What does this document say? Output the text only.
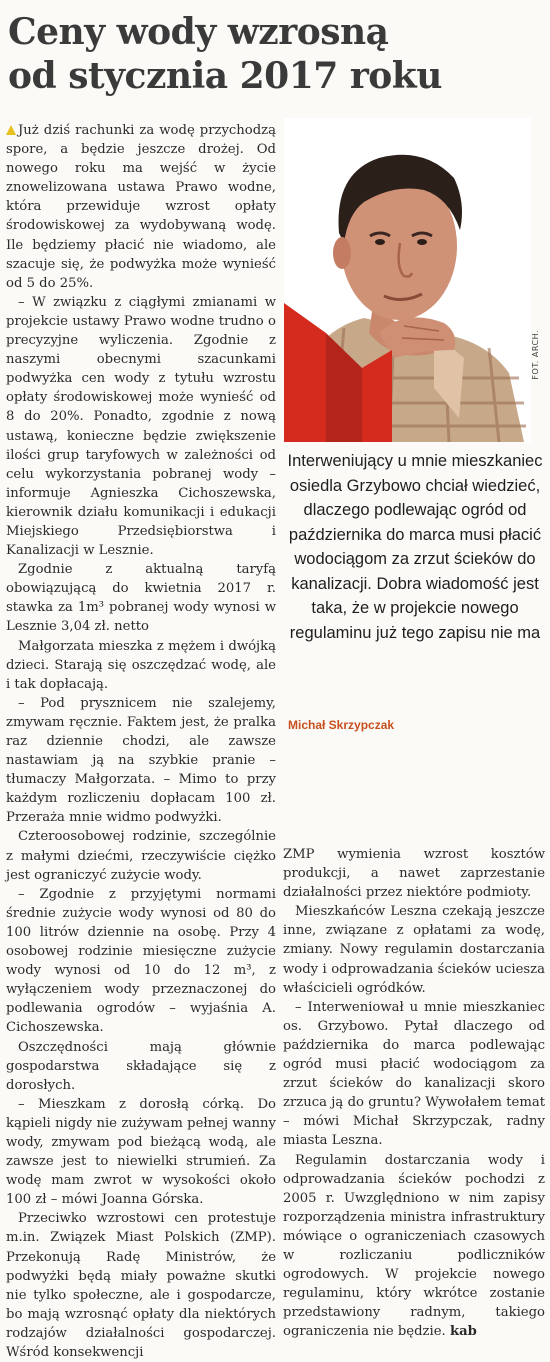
Ceny wody wzrosną
od stycznia 2017 roku

Już dziś rachunki za wodę przychodzą spore, a będzie jeszcze drożej. Od nowego roku ma wejść w życie znowelizowana ustawa Prawo wodne, która przewiduje wzrost opłaty środowiskowej za wydobywaną wodę. Ile będziemy płacić nie wiadomo, ale szacuje się, że podwyżka może wynieść od 5 do 25%.

– W związku z ciągłymi zmianami w projekcie ustawy Prawo wodne trudno o precyzyjne wyliczenia. Zgodnie z naszymi obecnymi szacunkami podwyżka cen wody z tytułu wzrostu opłaty środowiskowej może wynieść od 8 do 20%. Ponadto, zgodnie z nową ustawą, konieczne będzie zwiększenie ilości grup taryfowych w zależności od celu wykorzystania pobranej wody – informuje Agnieszka Cichoszewska, kierownik działu komunikacji i edukacji Miejskiego Przedsiębiorstwa i Kanalizacji w Lesznie.

Zgodnie z aktualną taryfą obowiązującą do kwietnia 2017 r. stawka za 1m³ pobranej wody wynosi w Lesznie 3,04 zł. netto

Małgorzata mieszka z mężem i dwójką dzieci. Starają się oszczędzać wodę, ale i tak dopłacają.

– Pod prysznicem nie szalejemy, zmywam ręcznie. Faktem jest, że pralka raz dziennie chodzi, ale zawsze nastawiam ją na szybkie pranie – tłumaczy Małgorzata. – Mimo to przy każdym rozliczeniu dopłacam 100 zł. Przeraża mnie widmo podwyżki.

Czteroosobowej rodzinie, szczególnie z małymi dziećmi, rzeczywiście ciężko jest ograniczyć zużycie wody.

– Zgodnie z przyjętymi normami średnie zużycie wody wynosi od 80 do 100 litrów dziennie na osobę. Przy 4 osobowej rodzinie miesięczne zużycie wody wynosi od 10 do 12 m³, z wyłączeniem wody przeznaczonej do podlewania ogrodów – wyjaśnia A. Cichoszewska.

Oszczędności mają głównie gospodarstwa składające się z dorosłych.

– Mieszkam z dorosłą córką. Do kąpieli nigdy nie zużywam pełnej wanny wody, zmywam pod bieżącą wodą, ale zawsze jest to niewielki strumień. Za wodę mam zwrot w wysokości około 100 zł – mówi Joanna Górska.

Przeciwko wzrostowi cen protestuje m.in. Związek Miast Polskich (ZMP). Przekonują Radę Ministrów, że podwyżki będą miały poważne skutki nie tylko społeczne, ale i gospodarcze, bo mają wzrosnąć opłaty dla niektórych rodzajów działalności gospodarczej. Wśród konsekwencji

FOT. ARCH.
Interweniujący u mnie mieszkaniec osiedla Grzybowo chciał wiedzieć, dlaczego podlewając ogród od października do marca musi płacić wodociągom za zrzut ścieków do kanalizacji. Dobra wiadomość jest taka, że w projekcie nowego regulaminu już tego zapisu nie ma
Michał Skrzypczak

ZMP wymienia wzrost kosztów produkcji, a nawet zaprzestanie działalności przez niektóre podmioty.

Mieszkańców Leszna czekają jeszcze inne, związane z opłatami za wodę, zmiany. Nowy regulamin dostarczania wody i odprowadzania ścieków uciesza właścicieli ogródków.

– Interweniował u mnie mieszkaniec os. Grzybowo. Pytał dlaczego od października do marca podlewając ogród musi płacić wodociągom za zrzut ścieków do kanalizacji skoro zrzuca ją do gruntu? Wywołałem temat – mówi Michał Skrzypczak, radny miasta Leszna.

Regulamin dostarczania wody i odprowadzania ścieków pochodzi z 2005 r. Uwzględniono w nim zapisy rozporządzenia ministra infrastruktury mówiące o ograniczeniach czasowych w rozliczaniu podliczników ogrodowych. W projekcie nowego regulaminu, który wkrótce zostanie przedstawiony radnym, takiego ograniczenia nie będzie. kab
